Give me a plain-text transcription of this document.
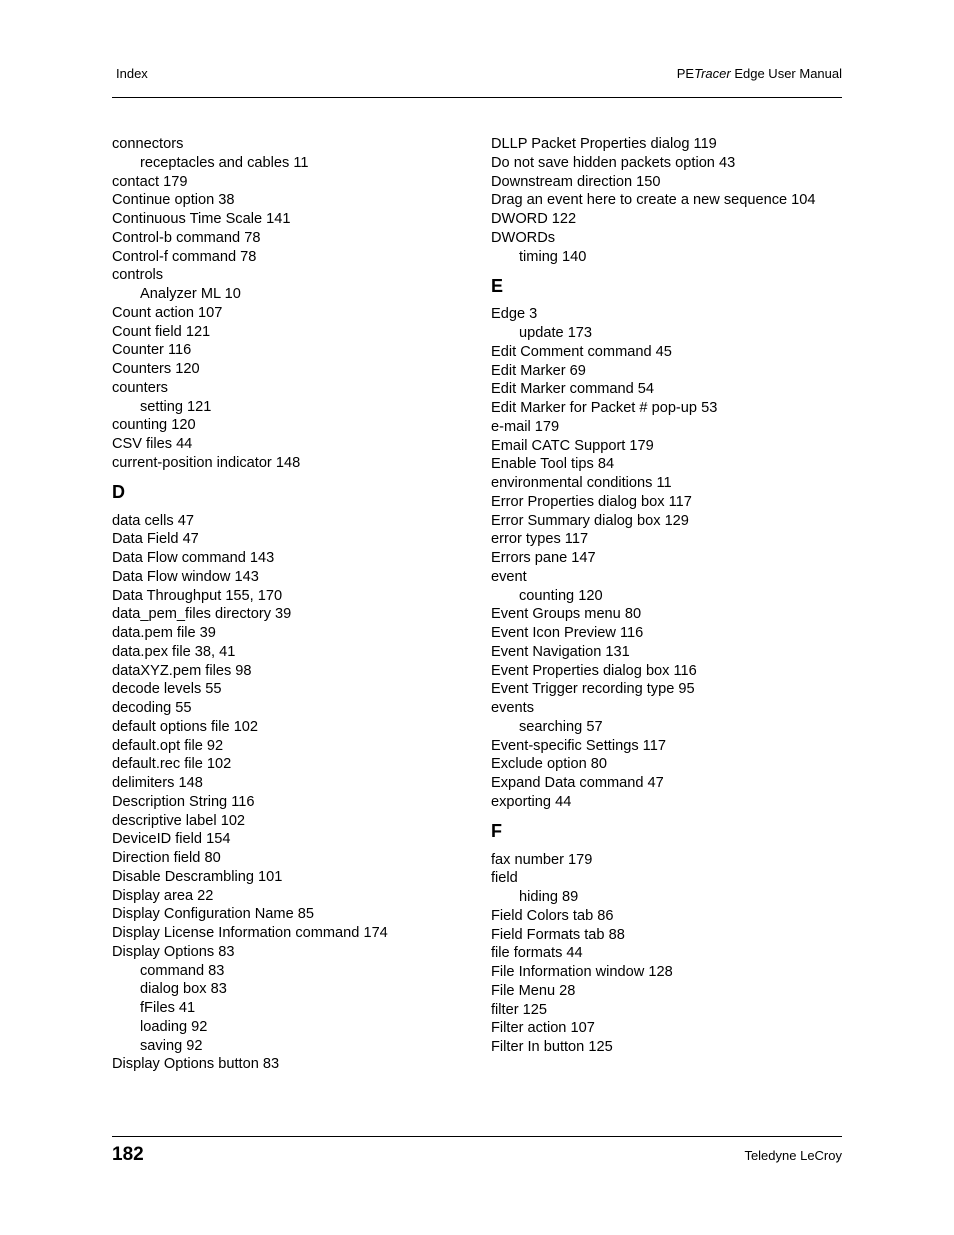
Index	PETracer Edge User Manual
connectors
receptacles and cables 11
contact 179
Continue option 38
Continuous Time Scale 141
Control-b command 78
Control-f command 78
controls
Analyzer ML 10
Count action 107
Count field 121
Counter 116
Counters 120
counters
setting 121
counting 120
CSV files 44
current-position indicator 148
D
data cells 47
Data Field 47
Data Flow command 143
Data Flow window 143
Data Throughput 155, 170
data_pem_files directory 39
data.pem file 39
data.pex file 38, 41
dataXYZ.pem files 98
decode levels 55
decoding 55
default options file 102
default.opt file 92
default.rec file 102
delimiters 148
Description String 116
descriptive label 102
DeviceID field 154
Direction field 80
Disable Descrambling 101
Display area 22
Display Configuration Name 85
Display License Information command 174
Display Options 83
command 83
dialog box 83
fFiles 41
loading 92
saving 92
Display Options button 83
DLLP Packet Properties dialog 119
Do not save hidden packets option 43
Downstream direction 150
Drag an event here to create a new sequence 104
DWORD 122
DWORDs
timing 140
E
Edge 3
update 173
Edit Comment command 45
Edit Marker 69
Edit Marker command 54
Edit Marker for Packet # pop-up 53
e-mail 179
Email CATC Support 179
Enable Tool tips 84
environmental conditions 11
Error Properties dialog box 117
Error Summary dialog box 129
error types 117
Errors pane 147
event
counting 120
Event Groups menu 80
Event Icon Preview 116
Event Navigation 131
Event Properties dialog box 116
Event Trigger recording type 95
events
searching 57
Event-specific Settings 117
Exclude option 80
Expand Data command 47
exporting 44
F
fax number 179
field
hiding 89
Field Colors tab 86
Field Formats tab 88
file formats 44
File Information window 128
File Menu 28
filter 125
Filter action 107
Filter In button 125
182	Teledyne LeCroy
